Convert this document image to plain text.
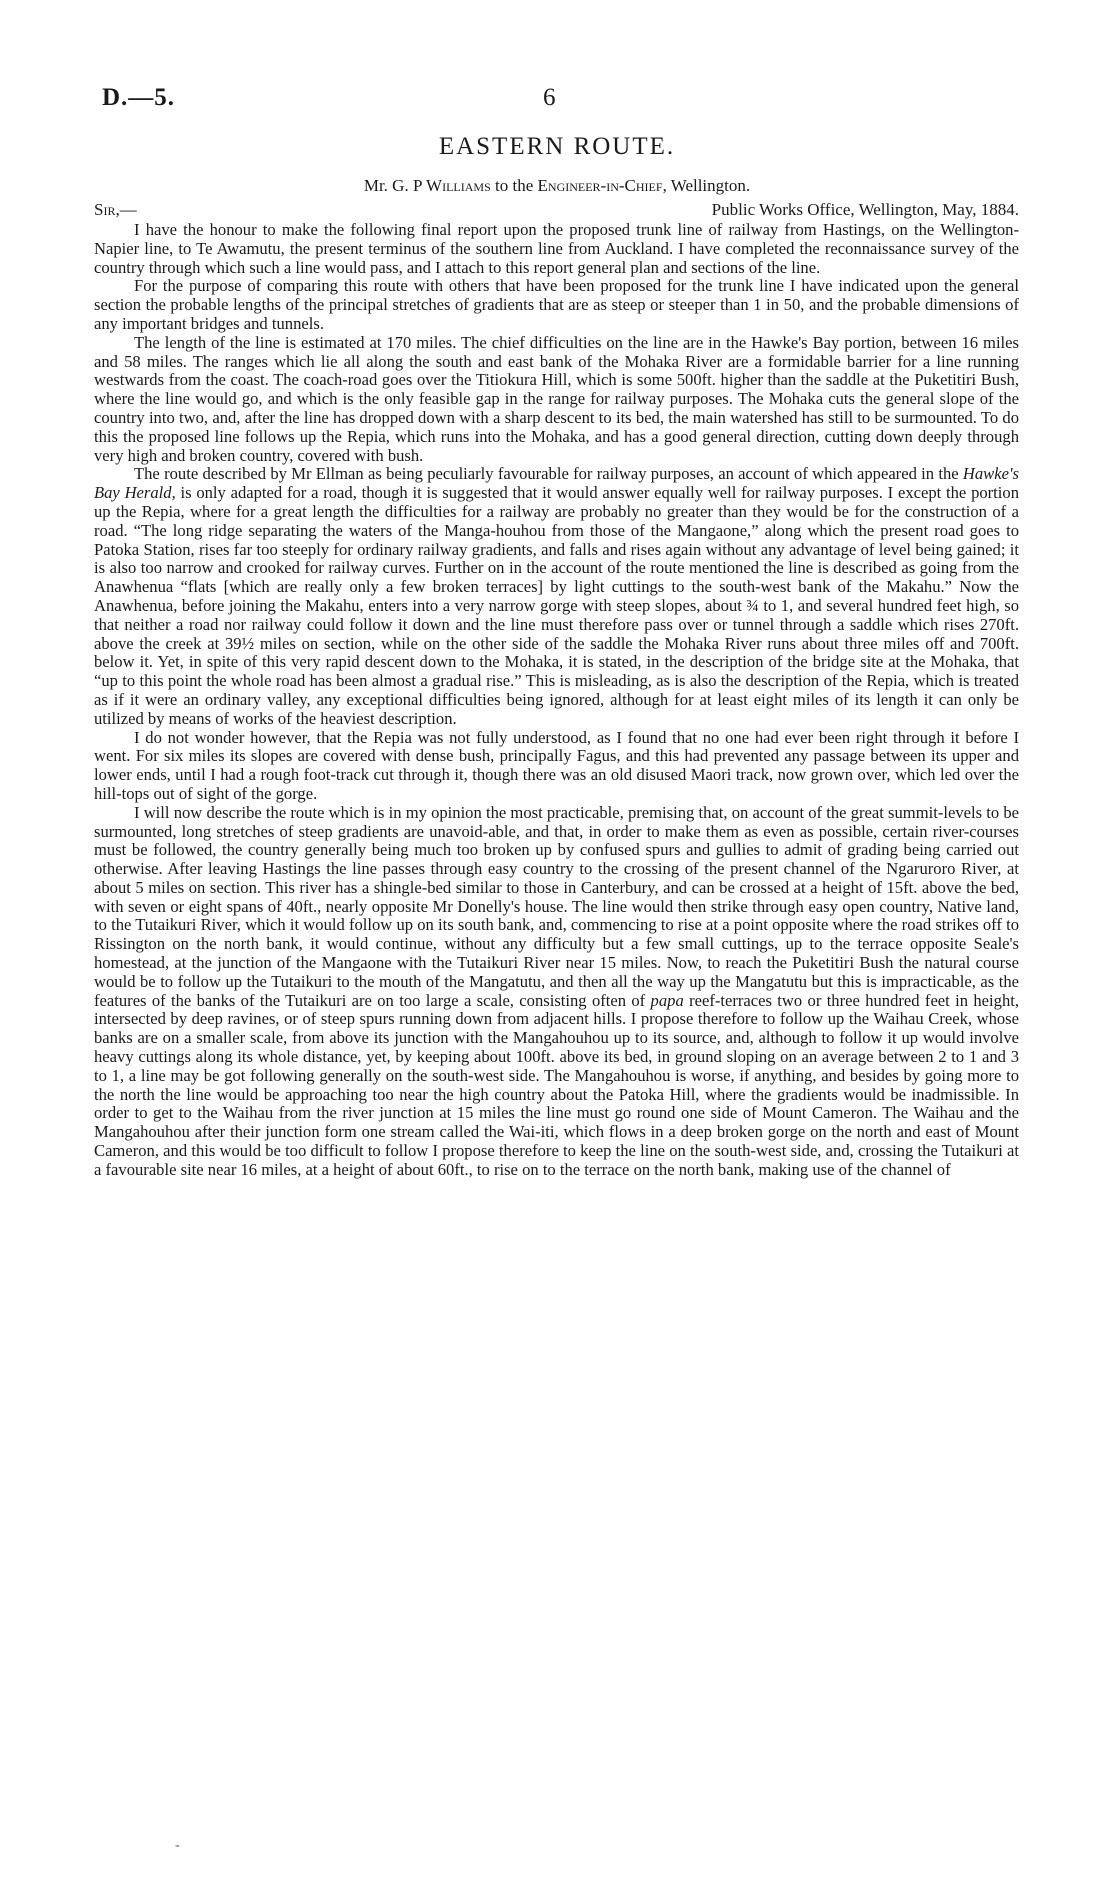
D.—5.	6
EASTERN ROUTE.
Mr. G. P Williams to the Engineer-in-Chief, Wellington.
Sir,—	Public Works Office, Wellington, May, 1884.

I have the honour to make the following final report upon the proposed trunk line of railway from Hastings, on the Wellington-Napier line, to Te Awamutu, the present terminus of the southern line from Auckland. I have completed the reconnaissance survey of the country through which such a line would pass, and I attach to this report general plan and sections of the line.

For the purpose of comparing this route with others that have been proposed for the trunk line I have indicated upon the general section the probable lengths of the principal stretches of gradients that are as steep or steeper than 1 in 50, and the probable dimensions of any important bridges and tunnels.

The length of the line is estimated at 170 miles. The chief difficulties on the line are in the Hawke's Bay portion, between 16 miles and 58 miles. The ranges which lie all along the south and east bank of the Mohaka River are a formidable barrier for a line running westwards from the coast. The coach-road goes over the Titiokura Hill, which is some 500ft. higher than the saddle at the Puketitiri Bush, where the line would go, and which is the only feasible gap in the range for railway purposes. The Mohaka cuts the general slope of the country into two, and, after the line has dropped down with a sharp descent to its bed, the main watershed has still to be surmounted. To do this the proposed line follows up the Repia, which runs into the Mohaka, and has a good general direction, cutting down deeply through very high and broken country, covered with bush.

The route described by Mr Ellman as being peculiarly favourable for railway purposes, an account of which appeared in the Hawke's Bay Herald, is only adapted for a road, though it is suggested that it would answer equally well for railway purposes. I except the portion up the Repia, where for a great length the difficulties for a railway are probably no greater than they would be for the construction of a road. “The long ridge separating the waters of the Manga-houhou from those of the Mangaone,” along which the present road goes to Patoka Station, rises far too steeply for ordinary railway gradients, and falls and rises again without any advantage of level being gained; it is also too narrow and crooked for railway curves. Further on in the account of the route mentioned the line is described as going from the Anawhenua “flats [which are really only a few broken terraces] by light cuttings to the south-west bank of the Makahu.” Now the Anawhenua, before joining the Makahu, enters into a very narrow gorge with steep slopes, about ¾ to 1, and several hundred feet high, so that neither a road nor railway could follow it down and the line must therefore pass over or tunnel through a saddle which rises 270ft. above the creek at 39½ miles on section, while on the other side of the saddle the Mohaka River runs about three miles off and 700ft. below it. Yet, in spite of this very rapid descent down to the Mohaka, it is stated, in the description of the bridge site at the Mohaka, that “up to this point the whole road has been almost a gradual rise.” This is misleading, as is also the description of the Repia, which is treated as if it were an ordinary valley, any exceptional difficulties being ignored, although for at least eight miles of its length it can only be utilized by means of works of the heaviest description.

I do not wonder however, that the Repia was not fully understood, as I found that no one had ever been right through it before I went. For six miles its slopes are covered with dense bush, principally Fagus, and this had prevented any passage between its upper and lower ends, until I had a rough foot-track cut through it, though there was an old disused Maori track, now grown over, which led over the hill-tops out of sight of the gorge.

I will now describe the route which is in my opinion the most practicable, premising that, on account of the great summit-levels to be surmounted, long stretches of steep gradients are unavoid-able, and that, in order to make them as even as possible, certain river-courses must be followed, the country generally being much too broken up by confused spurs and gullies to admit of grading being carried out otherwise. After leaving Hastings the line passes through easy country to the crossing of the present channel of the Ngaruroro River, at about 5 miles on section. This river has a shingle-bed similar to those in Canterbury, and can be crossed at a height of 15ft. above the bed, with seven or eight spans of 40ft., nearly opposite Mr Donelly's house. The line would then strike through easy open country, Native land, to the Tutaikuri River, which it would follow up on its south bank, and, commencing to rise at a point opposite where the road strikes off to Rissington on the north bank, it would continue, without any difficulty but a few small cuttings, up to the terrace opposite Seale's homestead, at the junction of the Mangaone with the Tutaikuri River near 15 miles. Now, to reach the Puketitiri Bush the natural course would be to follow up the Tutaikuri to the mouth of the Mangatutu, and then all the way up the Mangatutu but this is impracticable, as the features of the banks of the Tutaikuri are on too large a scale, consisting often of papa reef-terraces two or three hundred feet in height, intersected by deep ravines, or of steep spurs running down from adjacent hills. I propose therefore to follow up the Waihau Creek, whose banks are on a smaller scale, from above its junction with the Mangahouhou up to its source, and, although to follow it up would involve heavy cuttings along its whole distance, yet, by keeping about 100ft. above its bed, in ground sloping on an average between 2 to 1 and 3 to 1, a line may be got following generally on the south-west side. The Mangahouhou is worse, if anything, and besides by going more to the north the line would be approaching too near the high country about the Patoka Hill, where the gradients would be inadmissible. In order to get to the Waihau from the river junction at 15 miles the line must go round one side of Mount Cameron. The Waihau and the Mangahouhou after their junction form one stream called the Wai-iti, which flows in a deep broken gorge on the north and east of Mount Cameron, and this would be too difficult to follow I propose therefore to keep the line on the south-west side, and, crossing the Tutaikuri at a favourable site near 16 miles, at a height of about 60ft., to rise on to the terrace on the north bank, making use of the channel of

-
